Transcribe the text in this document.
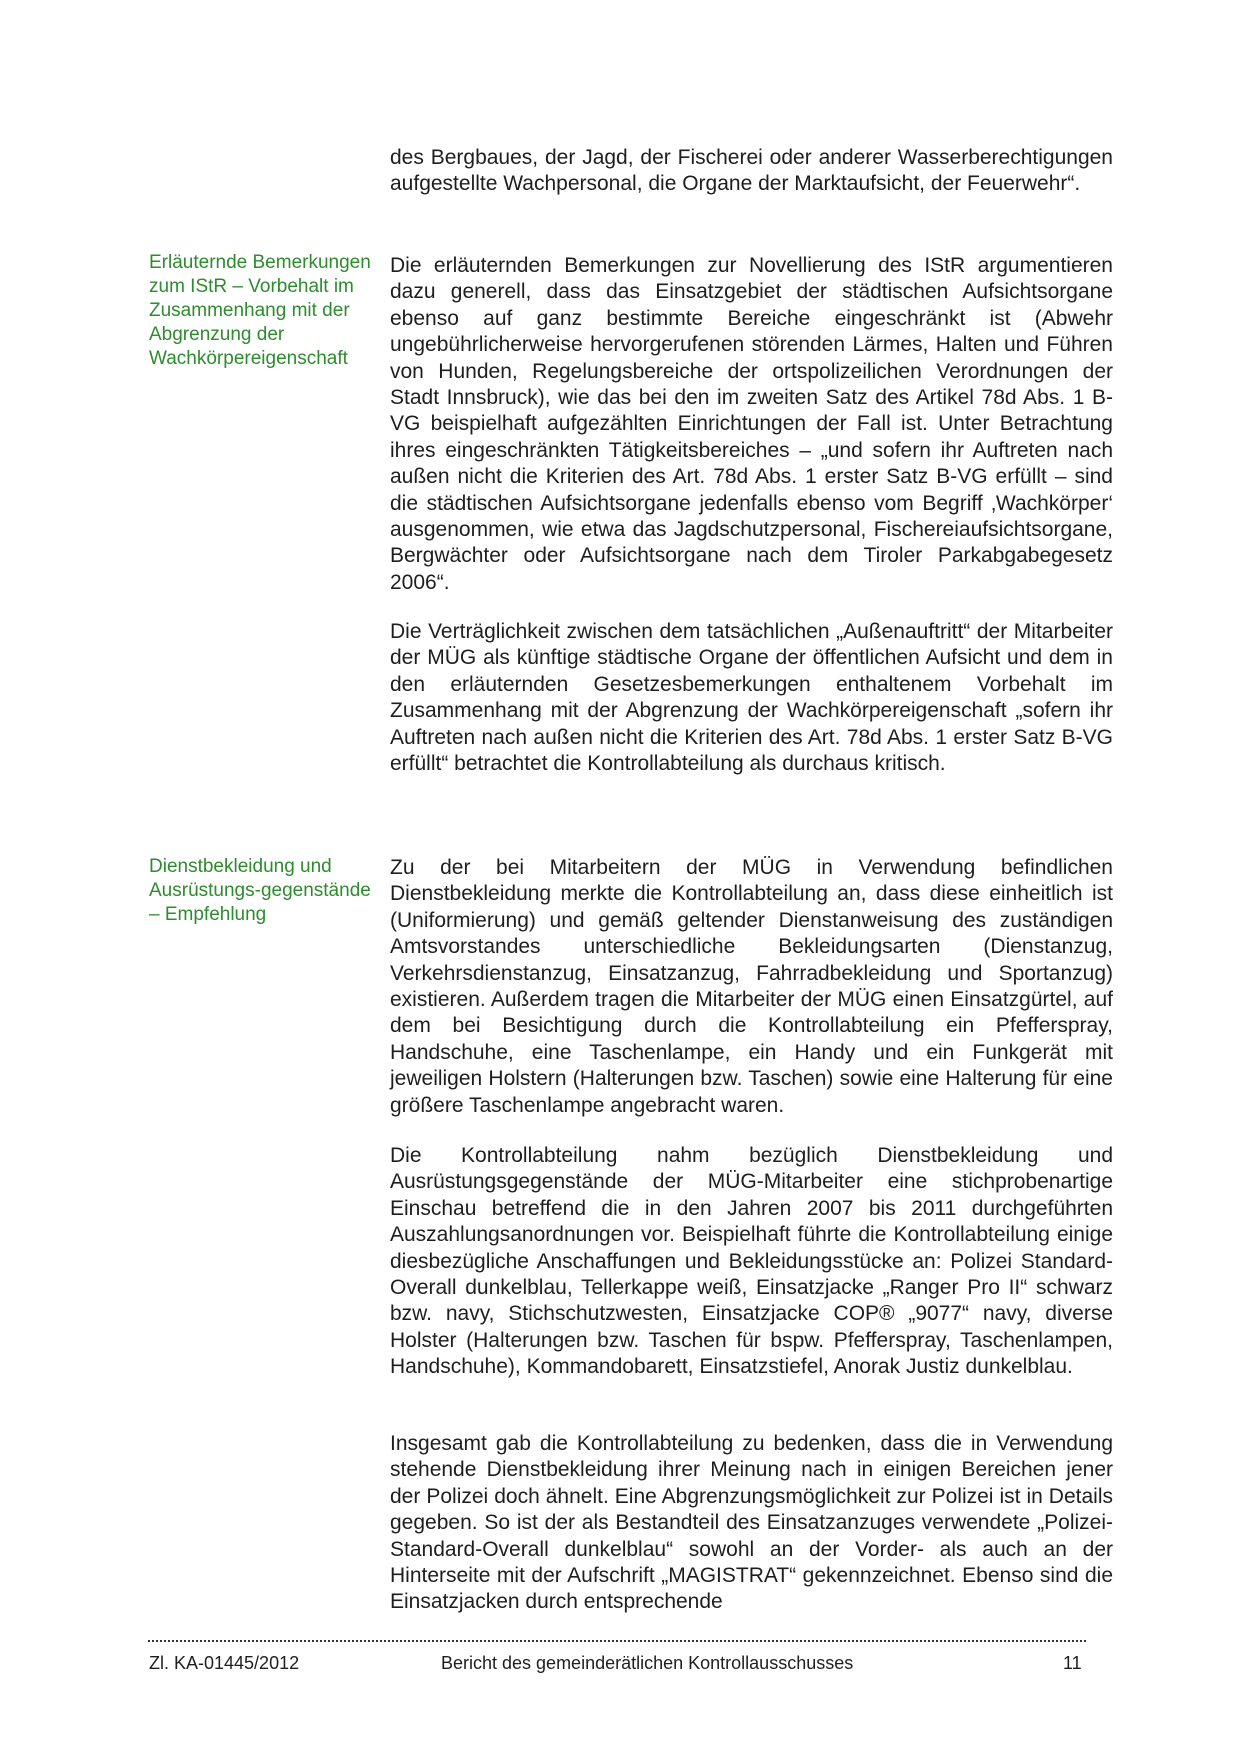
des Bergbaues, der Jagd, der Fischerei oder anderer Wasserberechtigungen aufgestellte Wachpersonal, die Organe der Marktaufsicht, der Feuerwehr“.

Erläuternde Bemerkungen zum IStR – Vorbehalt im Zusammenhang mit der Abgrenzung der Wachkörpereigenschaft

Die erläuternden Bemerkungen zur Novellierung des IStR argumentieren dazu generell, dass das Einsatzgebiet der städtischen Aufsichtsorgane ebenso auf ganz bestimmte Bereiche eingeschränkt ist (Abwehr ungebührlicherweise hervorgerufenen störenden Lärmes, Halten und Führen von Hunden, Regelungsbereiche der ortspolizeilichen Verordnungen der Stadt Innsbruck), wie das bei den im zweiten Satz des Artikel 78d Abs. 1 B-VG beispielhaft aufgezählten Einrichtungen der Fall ist. Unter Betrachtung ihres eingeschränkten Tätigkeitsbereiches – „und sofern ihr Auftreten nach außen nicht die Kriterien des Art. 78d Abs. 1 erster Satz B-VG erfüllt – sind die städtischen Aufsichtsorgane jedenfalls ebenso vom Begriff ‚Wachkörper‘ ausgenommen, wie etwa das Jagdschutzpersonal, Fischereiaufsichtsorgane, Bergwächter oder Aufsichtsorgane nach dem Tiroler Parkabgabegesetz 2006“.

Die Verträglichkeit zwischen dem tatsächlichen „Außenauftritt“ der Mitarbeiter der MÜG als künftige städtische Organe der öffentlichen Aufsicht und dem in den erläuternden Gesetzesbemerkungen enthaltenem Vorbehalt im Zusammenhang mit der Abgrenzung der Wachkörpereigenschaft „sofern ihr Auftreten nach außen nicht die Kriterien des Art. 78d Abs. 1 erster Satz B-VG erfüllt“ betrachtet die Kontrollabteilung als durchaus kritisch.

Dienstbekleidung und Ausrüstungs-gegenstände – Empfehlung

Zu der bei Mitarbeitern der MÜG in Verwendung befindlichen Dienstbekleidung merkte die Kontrollabteilung an, dass diese einheitlich ist (Uniformierung) und gemäß geltender Dienstanweisung des zuständigen Amtsvorstandes unterschiedliche Bekleidungsarten (Dienstanzug, Verkehrsdienstanzug, Einsatzanzug, Fahrradbekleidung und Sportanzug) existieren. Außerdem tragen die Mitarbeiter der MÜG einen Einsatzgürtel, auf dem bei Besichtigung durch die Kontrollabteilung ein Pfefferspray, Handschuhe, eine Taschenlampe, ein Handy und ein Funkgerät mit jeweiligen Holstern (Halterungen bzw. Taschen) sowie eine Halterung für eine größere Taschenlampe angebracht waren.

Die Kontrollabteilung nahm bezüglich Dienstbekleidung und Ausrüstungsgegenstände der MÜG-Mitarbeiter eine stichprobenartige Einschau betreffend die in den Jahren 2007 bis 2011 durchgeführten Auszahlungsanordnungen vor. Beispielhaft führte die Kontrollabteilung einige diesbezügliche Anschaffungen und Bekleidungsstücke an: Polizei Standard-Overall dunkelblau, Tellerkappe weiß, Einsatzjacke „Ranger Pro II“ schwarz bzw. navy, Stichschutzwesten, Einsatzjacke COP® „9077“ navy, diverse Holster (Halterungen bzw. Taschen für bspw. Pfefferspray, Taschenlampen, Handschuhe), Kommandobarett, Einsatzstiefel, Anorak Justiz dunkelblau.

Insgesamt gab die Kontrollabteilung zu bedenken, dass die in Verwendung stehende Dienstbekleidung ihrer Meinung nach in einigen Bereichen jener der Polizei doch ähnelt. Eine Abgrenzungsmöglichkeit zur Polizei ist in Details gegeben. So ist der als Bestandteil des Einsatzanzuges verwendete „Polizei-Standard-Overall dunkelblau“ sowohl an der Vorder- als auch an der Hinterseite mit der Aufschrift „MAGISTRAT“ gekennzeichnet. Ebenso sind die Einsatzjacken durch entsprechende

Zl. KA-01445/2012	Bericht des gemeinderätlichen Kontrollausschusses	11
